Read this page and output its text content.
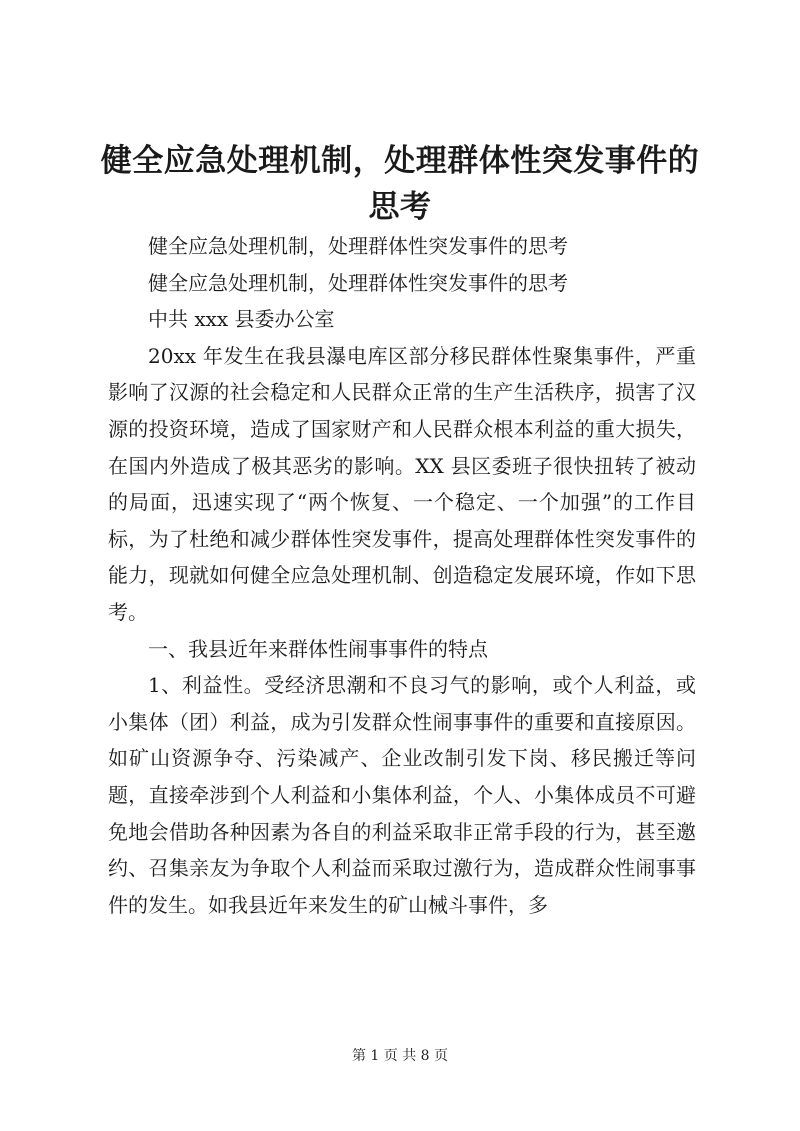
健全应急处理机制，处理群体性突发事件的思考

健全应急处理机制，处理群体性突发事件的思考

健全应急处理机制，处理群体性突发事件的思考

中共 xxx 县委办公室

20xx 年发生在我县瀑电库区部分移民群体性聚集事件，严重影响了汉源的社会稳定和人民群众正常的生产生活秩序，损害了汉源的投资环境，造成了国家财产和人民群众根本利益的重大损失，在国内外造成了极其恶劣的影响。XX 县区委班子很快扭转了被动的局面，迅速实现了“两个恢复、一个稳定、一个加强”的工作目标，为了杜绝和减少群体性突发事件，提高处理群体性突发事件的能力，现就如何健全应急处理机制、创造稳定发展环境，作如下思考。

一、我县近年来群体性闹事事件的特点

1、利益性。受经济思潮和不良习气的影响，或个人利益，或小集体（团）利益，成为引发群众性闹事事件的重要和直接原因。如矿山资源争夺、污染减产、企业改制引发下岗、移民搬迁等问题，直接牵涉到个人利益和小集体利益，个人、小集体成员不可避免地会借助各种因素为各自的利益采取非正常手段的行为，甚至邀约、召集亲友为争取个人利益而采取过激行为，造成群众性闹事事件的发生。如我县近年来发生的矿山械斗事件，多

第 1 页 共 8 页
